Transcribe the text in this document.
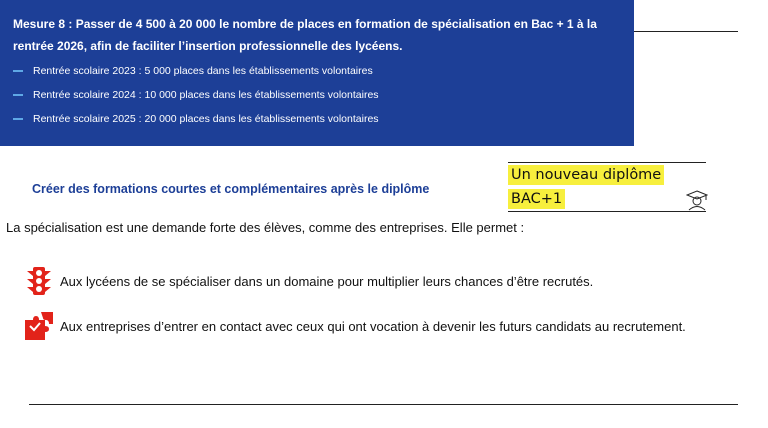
Mesure 8 : Passer de 4 500 à 20 000 le nombre de places en formation de spécialisation en Bac + 1 à la rentrée 2026, afin de faciliter l’insertion professionnelle des lycéens.

Rentrée scolaire 2023 : 5 000 places dans les établissements volontaires
Rentrée scolaire 2024 : 10 000 places dans les établissements volontaires
Rentrée scolaire 2025 : 20 000 places dans les établissements volontaires
Créer des formations courtes et complémentaires après le diplôme
Un nouveau diplôme
BAC+1
La spécialisation est une demande forte des élèves, comme des entreprises. Elle permet :
Aux lycéens de se spécialiser dans un domaine pour multiplier leurs chances d’être recrutés.
Aux entreprises d’entrer en contact avec ceux qui ont vocation à devenir les futurs candidats au recrutement.
